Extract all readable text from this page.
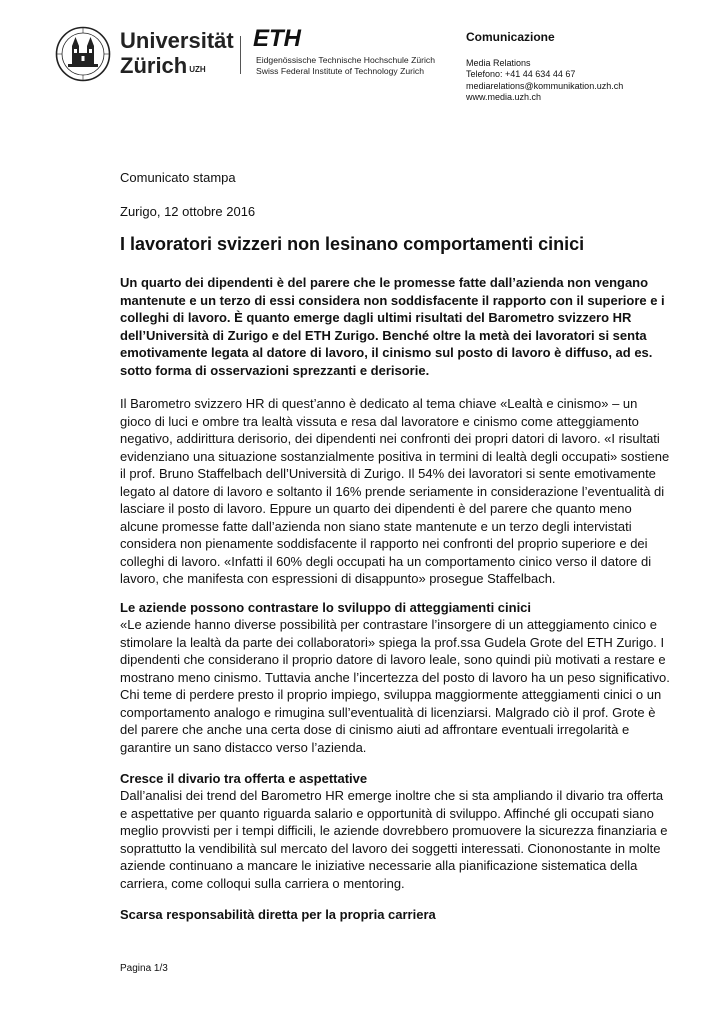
Universität
Zürich $^{UZH}$
ETH
Eidgenössische Technische Hochschule Zürich
Swiss Federal Institute of Technology Zurich
Comunicazione
Media Relations
Telefono: +41 44 634 44 67
mediarelations@kommunikation.uzh.ch
www.media.uzh.ch
Comunicato stampa
Zurigo, 12 ottobre 2016
I lavoratori svizzeri non lesinano comportamenti cinici
Un quarto dei dipendenti è del parere che le promesse fatte dall’azienda non vengano mantenute e un terzo di essi considera non soddisfacente il rapporto con il superiore e i colleghi di lavoro. È quanto emerge dagli ultimi risultati del Barometro svizzero HR dell’Università di Zurigo e del ETH Zurigo. Benché oltre la metà dei lavoratori si senta emotivamente legata al datore di lavoro, il cinismo sul posto di lavoro è diffuso, ad es. sotto forma di osservazioni sprezzanti e derisorie.
Il Barometro svizzero HR di quest’anno è dedicato al tema chiave «Lealtà e cinismo» – un gioco di luci e ombre tra lealtà vissuta e resa dal lavoratore e cinismo come atteggiamento negativo, addirittura derisorio, dei dipendenti nei confronti dei propri datori di lavoro. «I risultati evidenziano una situazione sostanzialmente positiva in termini di lealtà degli occupati» sostiene il prof. Bruno Staffelbach dell’Università di Zurigo. Il 54% dei lavoratori si sente emotivamente legato al datore di lavoro e soltanto il 16% prende seriamente in considerazione l’eventualità di lasciare il posto di lavoro. Eppure un quarto dei dipendenti è del parere che quanto meno alcune promesse fatte dall’azienda non siano state mantenute e un terzo degli intervistati considera non pienamente soddisfacente il rapporto nei confronti del proprio superiore e dei colleghi di lavoro. «Infatti il 60% degli occupati ha un comportamento cinico verso il datore di lavoro, che manifesta con espressioni di disappunto» prosegue Staffelbach.
Le aziende possono contrastare lo sviluppo di atteggiamenti cinici
«Le aziende hanno diverse possibilità per contrastare l’insorgere di un atteggiamento cinico e stimolare la lealtà da parte dei collaboratori» spiega la prof.ssa Gudela Grote del ETH Zurigo. I dipendenti che considerano il proprio datore di lavoro leale, sono quindi più motivati a restare e mostrano meno cinismo. Tuttavia anche l’incertezza del posto di lavoro ha un peso significativo. Chi teme di perdere presto il proprio impiego, sviluppa maggiormente atteggiamenti cinici o un comportamento analogo e rimugina sull’eventualità di licenziarsi. Malgrado ciò il prof. Grote è del parere che anche una certa dose di cinismo aiuti ad affrontare eventuali irregolarità e garantire un sano distacco verso l’azienda.
Cresce il divario tra offerta e aspettative
Dall’analisi dei trend del Barometro HR emerge inoltre che si sta ampliando il divario tra offerta e aspettative per quanto riguarda salario e opportunità di sviluppo. Affinché gli occupati siano meglio provvisti per i tempi difficili, le aziende dovrebbero promuovere la sicurezza finanziaria e soprattutto la vendibilità sul mercato del lavoro dei soggetti interessati. Ciononostante in molte aziende continuano a mancare le iniziative necessarie alla pianificazione sistematica della carriera, come colloqui sulla carriera o mentoring.
Scarsa responsabilità diretta per la propria carriera
Pagina 1/3
